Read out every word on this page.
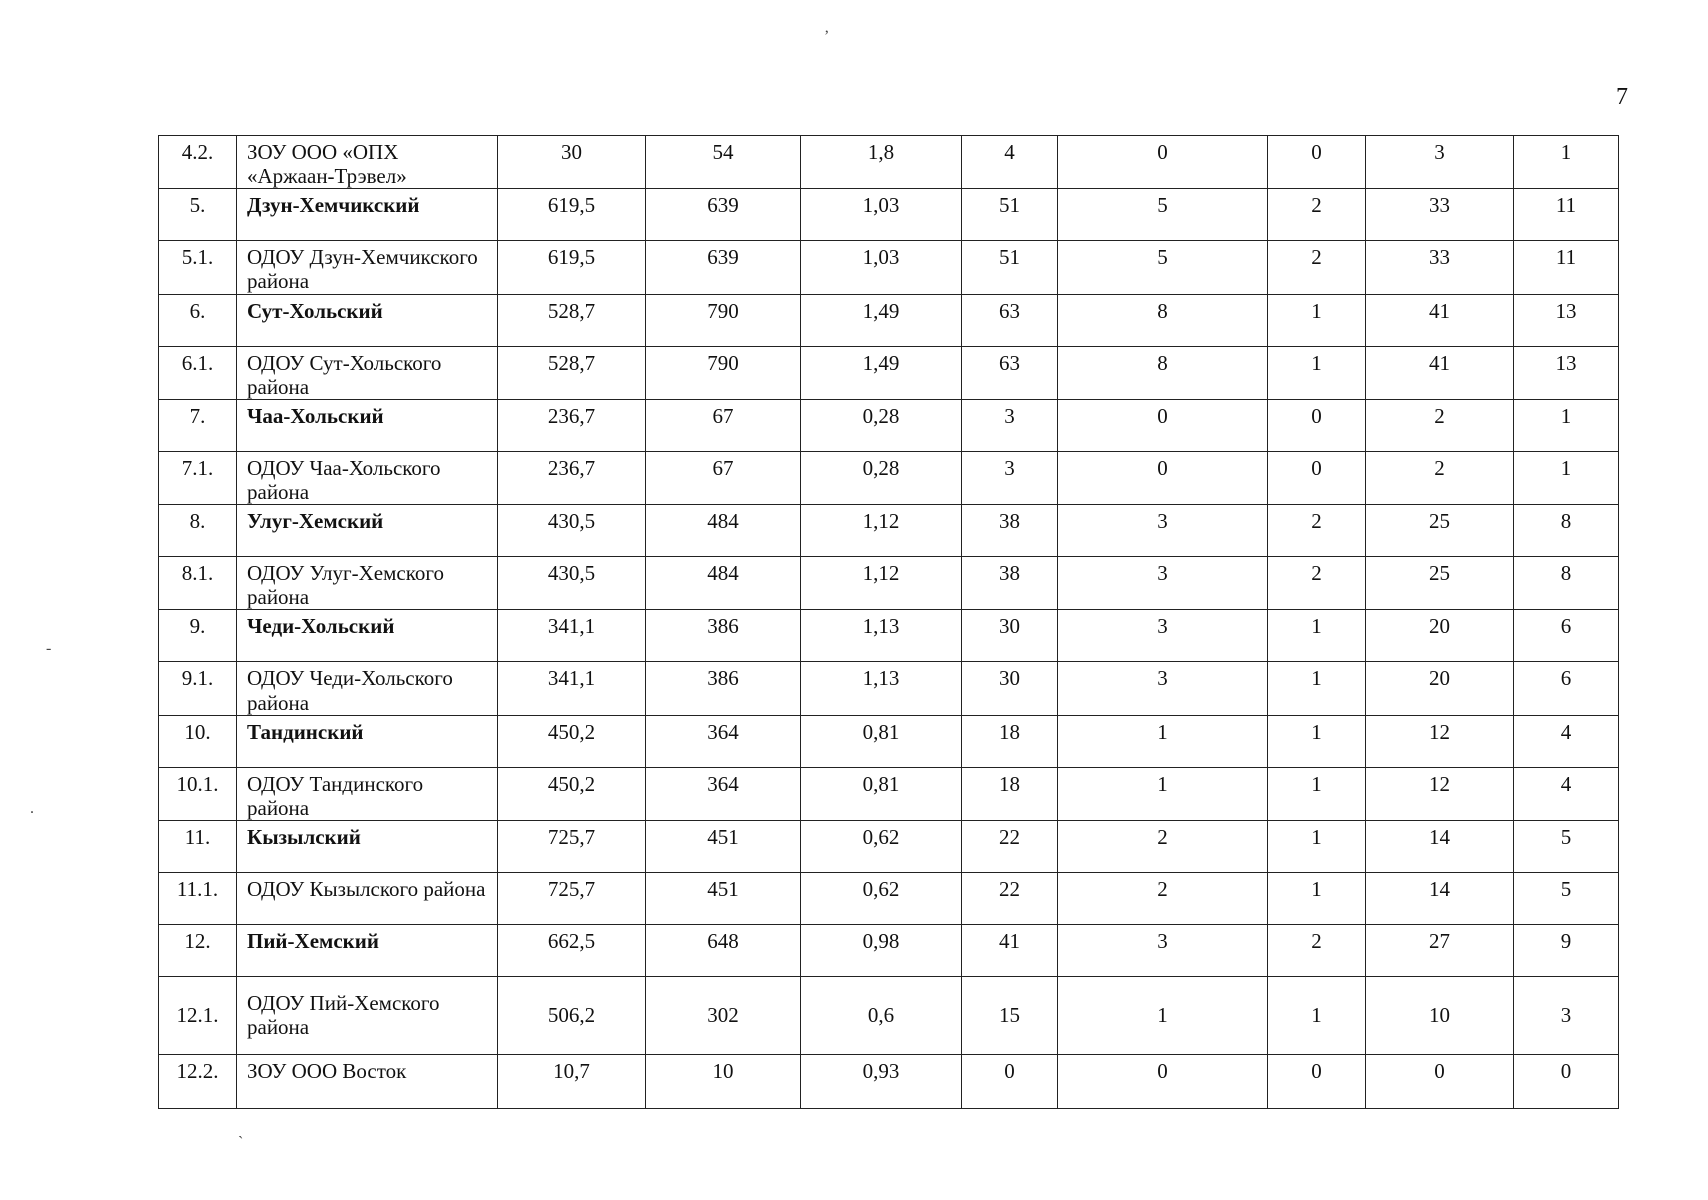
7
ʼ
-
.
`
4.2.	ЗОУ ООО «ОПХ «Аржаан-Трэвел»	30	54	1,8	4	0	0	3	1
5.	Дзун-Хемчикский	619,5	639	1,03	51	5	2	33	11
5.1.	ОДОУ Дзун-Хемчикского района	619,5	639	1,03	51	5	2	33	11
6.	Сут-Хольский	528,7	790	1,49	63	8	1	41	13
6.1.	ОДОУ Сут-Хольского района	528,7	790	1,49	63	8	1	41	13
7.	Чаа-Хольский	236,7	67	0,28	3	0	0	2	1
7.1.	ОДОУ Чаа-Хольского района	236,7	67	0,28	3	0	0	2	1
8.	Улуг-Хемский	430,5	484	1,12	38	3	2	25	8
8.1.	ОДОУ Улуг-Хемского района	430,5	484	1,12	38	3	2	25	8
9.	Чеди-Хольский	341,1	386	1,13	30	3	1	20	6
9.1.	ОДОУ Чеди-Хольского района	341,1	386	1,13	30	3	1	20	6
10.	Тандинский	450,2	364	0,81	18	1	1	12	4
10.1.	ОДОУ Тандинского района	450,2	364	0,81	18	1	1	12	4
11.	Кызылский	725,7	451	0,62	22	2	1	14	5
11.1.	ОДОУ Кызылского района	725,7	451	0,62	22	2	1	14	5
12.	Пий-Хемский	662,5	648	0,98	41	3	2	27	9
12.1.	ОДОУ Пий-Хемского района	506,2	302	0,6	15	1	1	10	3
12.2.	ЗОУ ООО Восток	10,7	10	0,93	0	0	0	0	0
